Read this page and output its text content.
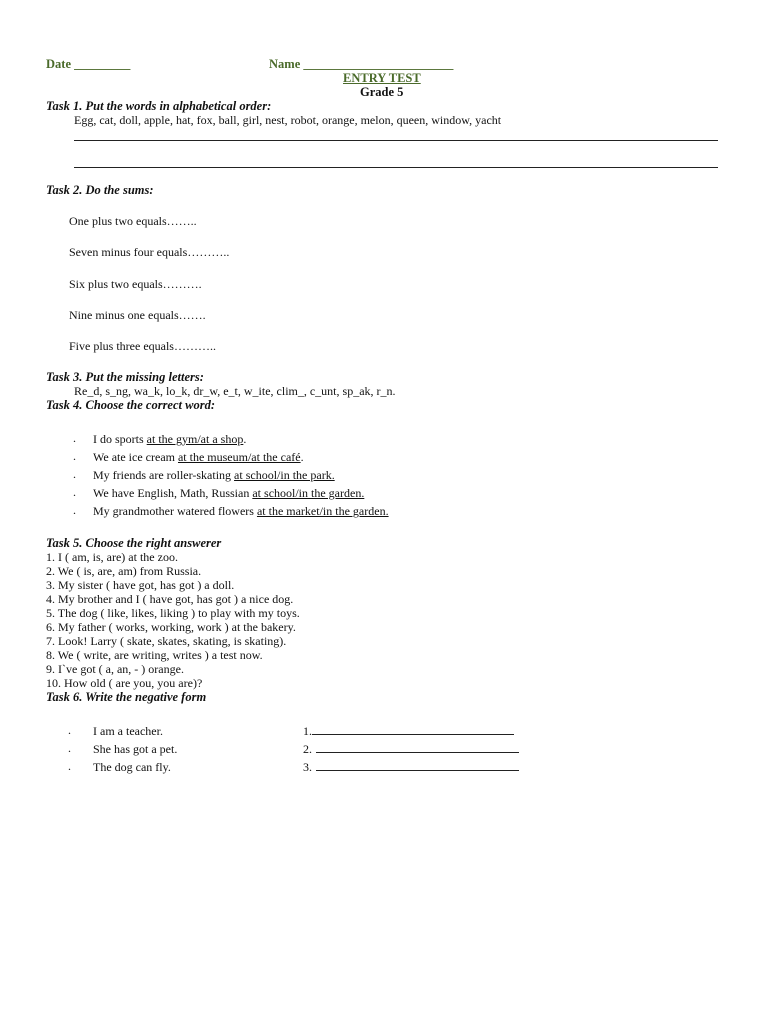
Date _________	Name ________________________
ENTRY TEST
Grade 5
Task 1. Put the words in alphabetical order:
Egg, cat, doll, apple, hat, fox, ball, girl, nest, robot, orange, melon, queen, window, yacht
Task 2. Do the sums:
One plus two equals……..
Seven minus four equals………..
Six plus two equals……….
Nine minus one equals…….
Five plus three equals………..
Task 3. Put the missing letters:
Re_d, s_ng, wa_k, lo_k, dr_w, e_t, w_ite, clim_, c_unt, sp_ak, r_n.
Task 4. Choose the correct word:
. I do sports at the gym/at a shop.
. We ate ice cream at the museum/at the café.
. My friends are roller-skating at school/in the park.
. We have English, Math, Russian at school/in the garden.
. My grandmother watered flowers at the market/in the garden.
Task 5. Choose the right answerer
1. I ( am, is, are) at the zoo.
2. We ( is, are, am) from Russia.
3. My sister ( have got, has got ) a doll.
4. My brother and I ( have got, has got ) a nice dog.
5. The dog ( like, likes, liking ) to play with my toys.
6. My father ( works, working, work ) at the bakery.
7. Look! Larry ( skate, skates, skating, is skating).
8. We ( write, are writing, writes ) a test now.
9. I`ve got ( a, an, - ) orange.
10. How old ( are you, you are)?
Task 6. Write the negative form
. I am a teacher.	1.
. She has got a pet.	2.
. The dog can fly.	3.
